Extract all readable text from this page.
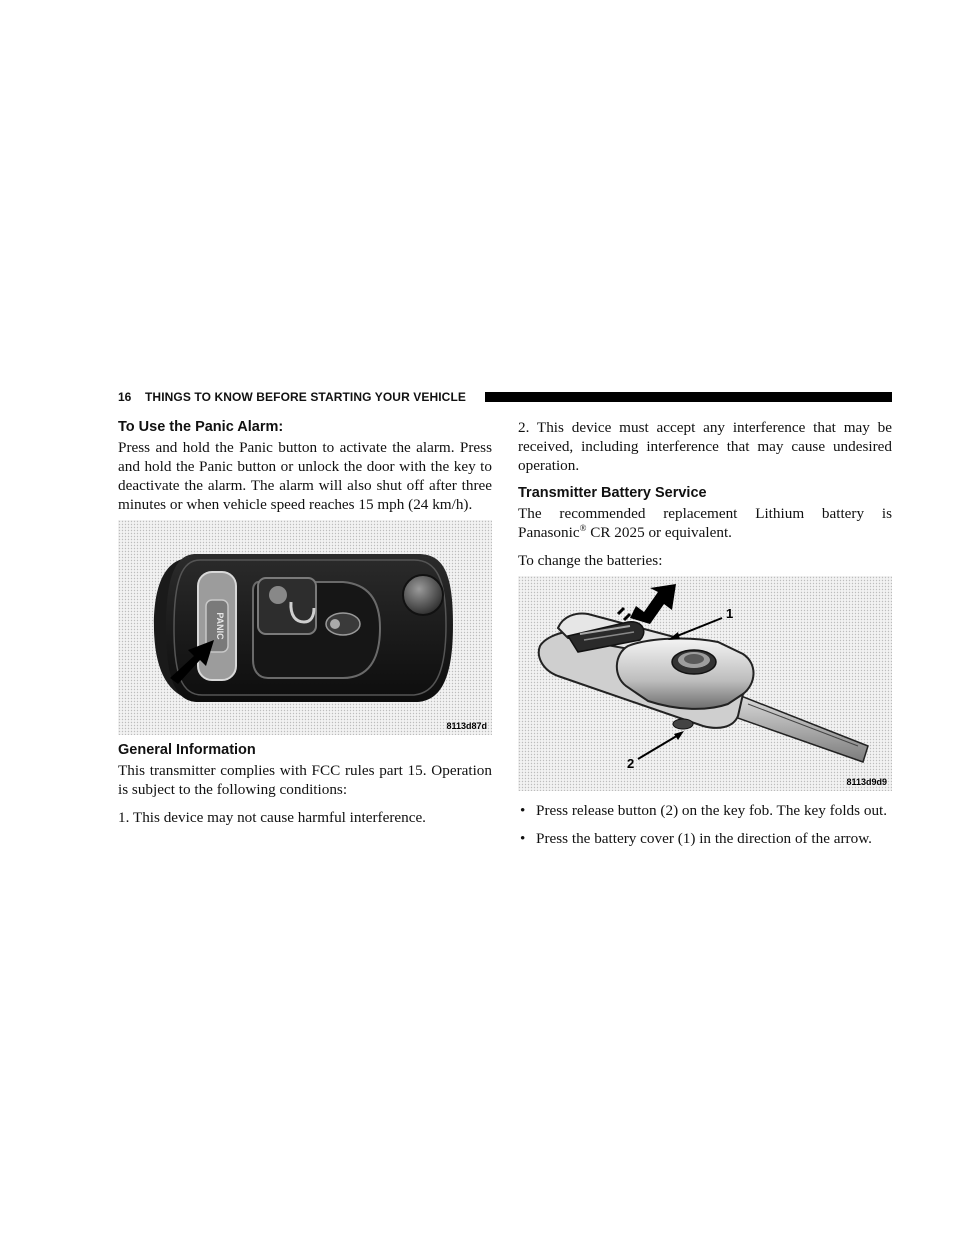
16 THINGS TO KNOW BEFORE STARTING YOUR VEHICLE
To Use the Panic Alarm:

Press and hold the Panic button to activate the alarm. Press and hold the Panic button or unlock the door with the key to deactivate the alarm. The alarm will also shut off after three minutes or when vehicle speed reaches 15 mph (24 km/h).

PANIC
8113d87d
General Information

This transmitter complies with FCC rules part 15. Operation is subject to the following conditions:

1. This device may not cause harmful interference.

2. This device must accept any interference that may be received, including interference that may cause undesired operation.

Transmitter Battery Service

The recommended replacement Lithium battery is Panasonic® CR 2025 or equivalent.

To change the batteries:

1
2
8113d9d9
• Press release button (2) on the key fob. The key folds out.
• Press the battery cover (1) in the direction of the arrow.
